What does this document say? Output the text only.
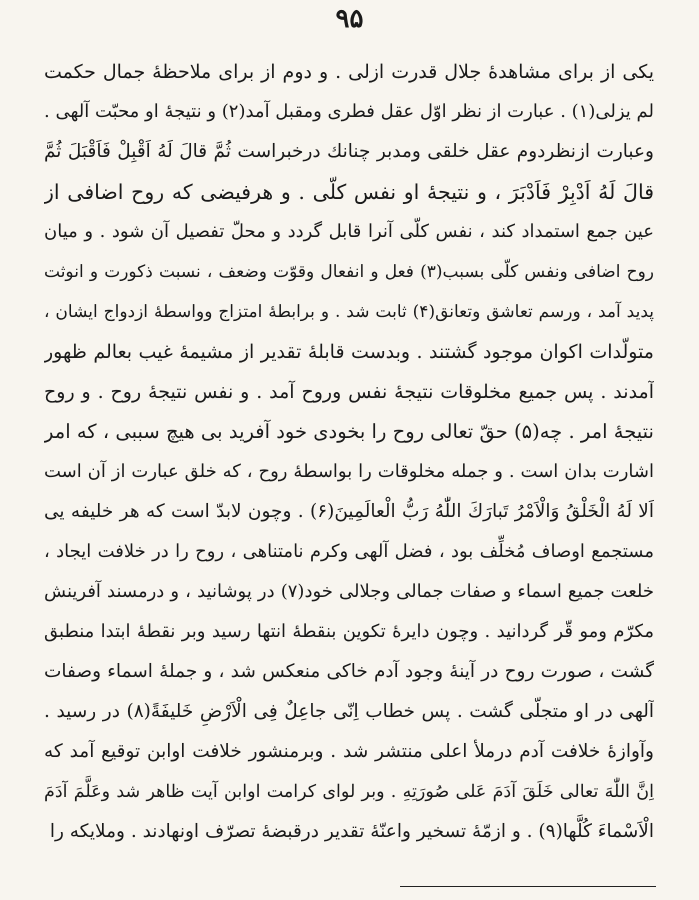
۹۵
یکی از برای مشاهدهٔ جلال قدرت ازلی . و دوم از برای ملاحظهٔ جمال حکمت
لم یزلی(۱) . عبارت از نظر اوّل عقل فطری ومقبل آمد(۲) و نتیجهٔ او محبّت آلهی .
وعبارت ازنظردوم عقل خلقی ومدبر چنانك درخبراست ثُمَّ قالَ لَهُ اَقْبِلْ فَاَقْبَلَ ثُمَّ
قالَ لَهُ اَدْبِرْ فَاَدْبَرَ ، و نتیجهٔ او نفس كلّی . و هرفیضی كه روح اضافی از
عین جمع استمداد كند ، نفس كلّی آنرا قابل گردد و محلّ تفصیل آن شود . و میان
روح اضافی ونفس كلّی بسبب(۳) فعل و انفعال وقوّت وضعف ، نسبت ذكورت و انوثت
پدید آمد ، ورسم تعاشق وتعانق(۴) ثابت شد . و برابطهٔ امتزاج وواسطهٔ ازدواج ایشان ،
متولّدات اكوان موجود گشتند . وبدست قابلهٔ تقدیر از مشیمهٔ غیب بعالم ظهور
آمدند . پس جمیع مخلوقات نتیجهٔ نفس وروح آمد . و نفس نتیجهٔ روح . و روح
نتیجهٔ امر . چه(۵) حقّ تعالی روح را بخودی خود آفرید بی هیچ سببی ، كه امر
اشارت بدان است . و جمله مخلوقات را بواسطهٔ روح ، كه خلق عبارت از آن است
اَلا لَهُ الْخَلْقُ وَالْاَمْرُ تَبارَكَ اللّٰهُ رَبُّ الْعالَمِینَ(۶) . وچون لابدّ است كه هر خلیفه یی
مستجمع اوصاف مُخلِّف بود ، فضل آلهی وكرم نامتناهی ، روح را در خلافت ایجاد ،
خلعت جمیع اسماء و صفات جمالی وجلالی خود(۷) در پوشانید ، و درمسند آفرینش
مكرّم ومو قّر گردانید . وچون دایرهٔ تكوین بنقطهٔ انتها رسید وبر نقطهٔ ابتدا منطبق
گشت ، صورت روح در آینهٔ وجود آدم خاكی منعكس شد ، و جملهٔ اسماء وصفات
آلهی در او متجلّی گشت . پس خطاب اِنّی جاعِلٌ فِی الْاَرْضِ خَلیفَةً(۸) در رسید .
وآوازهٔ خلافت آدم درملأ اعلی منتشر شد . وبرمنشور خلافت اوابن توقیع آمد كه
اِنَّ اللّٰهَ تعالی خَلَقَ آدَمَ عَلی صُورَتِهِ . وبر لوای كرامت اوابن آیت ظاهر شد وعَلَّمَ آدَمَ
الْاَسْماءَ كُلَّها(۹) . و ازمّهٔ تسخیر واعنّهٔ تقدیر درقبضهٔ تصرّف اونهادند . وملایكه را
